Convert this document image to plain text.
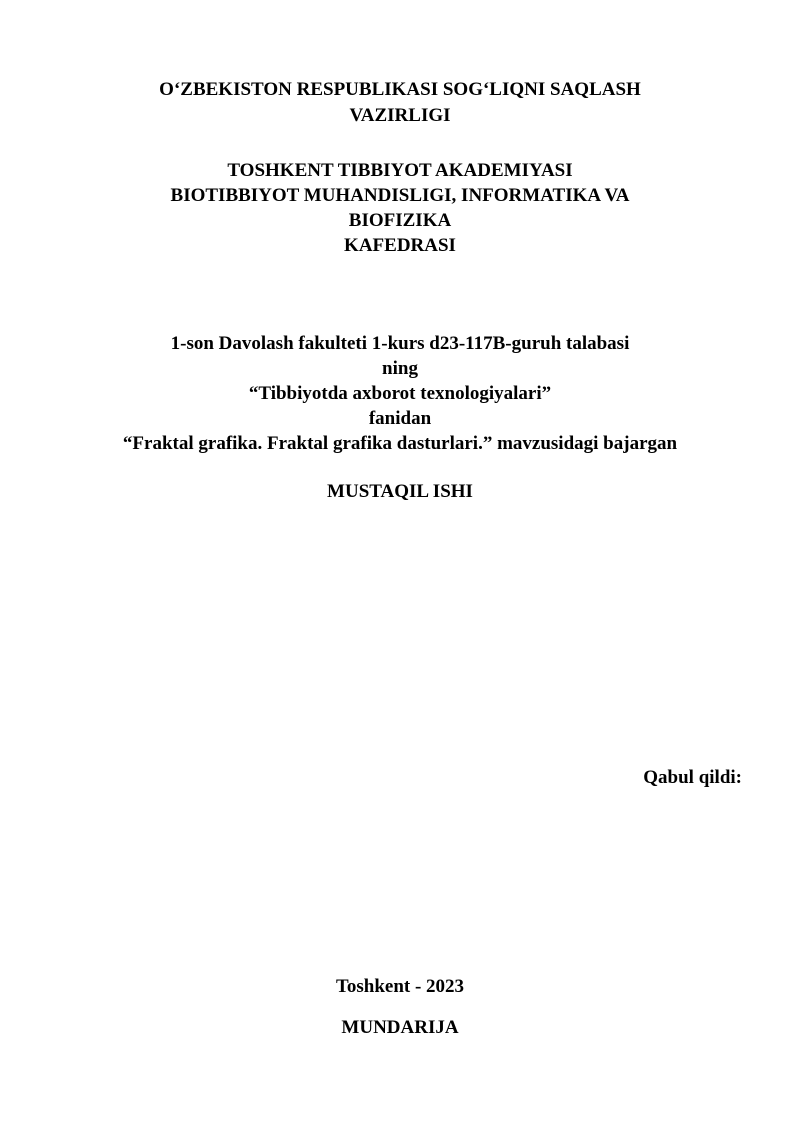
O‘ZBEKISTON RESPUBLIKASI SOG‘LIQNI SAQLASH
VAZIRLIGI
TOSHKENT TIBBIYOT AKADEMIYASI
BIOTIBBIYOT MUHANDISLIGI, INFORMATIKA VA
BIOFIZIKA
KAFEDRASI
1-son Davolash fakulteti 1-kurs d23-117B-guruh talabasi
ning
“Tibbiyotda axborot texnologiyalari”
fanidan
“Fraktal grafika. Fraktal grafika dasturlari.” mavzusidagi bajargan
MUSTAQIL ISHI
Qabul qildi:
Toshkent - 2023
MUNDARIJA
